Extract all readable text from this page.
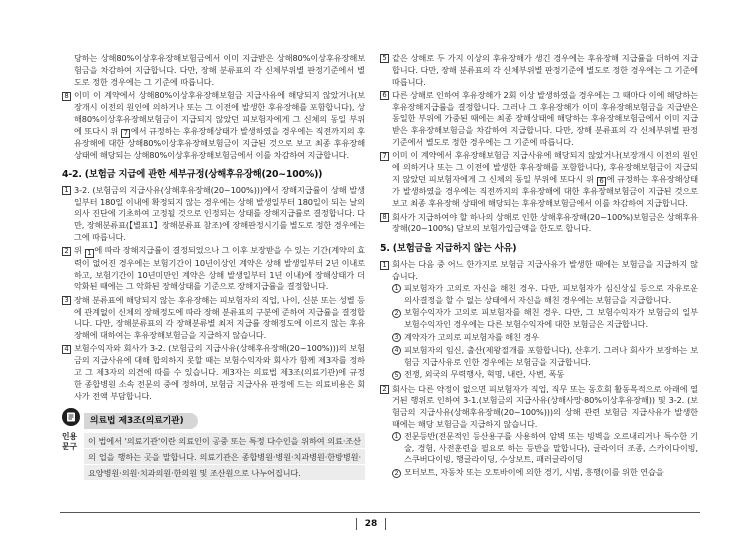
당하는 상해80%이상후유장해보험금에서 이미 지급받은 상해80%이상후유장해보험금을 차감하여 지급합니다. 다만, 장해 분류표의 각 신체부위별 판정기준에서 별도로 정한 경우에는 그 기준에 따릅니다.
8 이미 이 계약에서 상해80%이상후유장해보험금 지급사유에 해당되지 않았거나(보장개시 이전의 원인에 의하거나 또는 그 이전에 발생한 후유장해를 포함합니다), 상해80%이상후유장해보험금이 지급되지 않았던 피보험자에게 그 신체의 동일 부위에 또다시 위 7 에서 규정하는 후유장해상태가 발생하였을 경우에는 직전까지의 후유장해에 대한 상해80%이상후유장해보험금이 지급된 것으로 보고 최종 후유장해 상태에 해당되는 상해80%이상후유장해보험금에서 이를 차감하여 지급합니다.
4-2. (보험금 지급에 관한 세부규정(상해후유장해(20~100%))
1 3-2. (보험금의 지급사유(상해후유장해(20~100%)))에서 장해지급률이 상해 발생일부터 180일 이내에 확정되지 않는 경우에는 상해 발생일부터 180일이 되는 날의 의사 진단에 기초하여 고정될 것으로 인정되는 상태를 장해지급률로 결정합니다. 다만, 장해분류표(【별표1】장해분류표 참조)에 장해판정시기를 별도로 정한 경우에는 그에 따릅니다.
2 위 1 에 따라 장해지급률이 결정되었으나 그 이후 보장받을 수 있는 기간(계약의 효력이 없어진 경우에는 보험기간이 10년이상인 계약은 상해 발생일부터 2년 이내로 하고, 보험기간이 10년미만인 계약은 상해 발생일부터 1년 이내)에 장해상태가 더 악화된 때에는 그 악화된 장해상태를 기준으로 장해지급률을 결정합니다.
3 장해 분류표에 해당되지 않는 후유장해는 피보험자의 직업, 나이, 신분 또는 성별 등에 관계없이 신체의 장해정도에 따라 장해 분류표의 구분에 준하여 지급률을 결정합니다. 다만, 장해분류표의 각 장해분류별 최저 지급률 장해정도에 이르지 않는 후유장해에 대하여는 후유장해보험금을 지급하지 않습니다.
4 보험수익자와 회사가 3-2. (보험금의 지급사유(상해후유장해(20~100%)))의 보험금의 지급사유에 대해 합의하지 못할 때는 보험수익자와 회사가 함께 제3자를 정하고 그 제3자의 의견에 따를 수 있습니다. 제3자는 의료법 제3조(의료기관)에 규정한 종합병원 소속 전문의 중에 정하며, 보험금 지급사유 판정에 드는 의료비용은 회사가 전액 부담합니다.
인용
문구
의료법 제3조(의료기관)
이 법에서 '의료기관'이란 의료인이 공중 또는 특정 다수인을 위하여 의료·조산의 업을 행하는 곳을 말합니다. 의료기관은 종합병원·병원·치과병원·한방병원·요양병원·의원·치과의원·한의원 및 조산원으로 나누어집니다.
5 같은 상해로 두 가지 이상의 후유장해가 생긴 경우에는 후유장해 지급률을 더하여 지급합니다. 다만, 장해 분류표의 각 신체부위별 판정기준에 별도로 정한 경우에는 그 기준에 따릅니다.
6 다른 상해로 인하여 후유장해가 2회 이상 발생하였을 경우에는 그 때마다 이에 해당하는 후유장해지급률을 결정합니다. 그러나 그 후유장해가 이미 후유장해보험금을 지급받은 동일한 부위에 가중된 때에는 최종 장해상태에 해당하는 후유장해보험금에서 이미 지급받은 후유장해보험금을 차감하여 지급합니다. 다만, 장해 분류표의 각 신체부위별 판정기준에서 별도로 정한 경우에는 그 기준에 따릅니다.
7 이미 이 계약에서 후유장해보험금 지급사유에 해당되지 않았거나(보장개시 이전의 원인에 의하거나 또는 그 이전에 발생한 후유장해를 포함합니다), 후유장해보험금이 지급되지 않았던 피보험자에게 그 신체의 동일 부위에 또다시 위 6 에 규정하는 후유장해상태가 발생하였을 경우에는 직전까지의 후유장해에 대한 후유장해보험금이 지급된 것으로 보고 최종 후유장해 상태에 해당되는 후유장해보험금에서 이를 차감하여 지급합니다.
8 회사가 지급하여야 할 하나의 상해로 인한 상해후유장해(20~100%)보험금은 상해후유장해(20~100%) 담보의 보험가입금액을 한도로 합니다.
5. (보험금을 지급하지 않는 사유)
1 회사는 다음 중 어느 한가지로 보험금 지급사유가 발생한 때에는 보험금을 지급하지 않습니다.
1 피보험자가 고의로 자신을 해친 경우. 다만, 피보험자가 심신상실 등으로 자유로운 의사결정을 할 수 없는 상태에서 자신을 해친 경우에는 보험금을 지급합니다.
2 보험수익자가 고의로 피보험자를 해친 경우. 다만, 그 보험수익자가 보험금의 일부 보험수익자인 경우에는 다른 보험수익자에 대한 보험금은 지급합니다.
3 계약자가 고의로 피보험자를 해친 경우
4 피보험자의 임신, 출산(제왕절개를 포함합니다), 산후기. 그러나 회사가 보장하는 보험금 지급사유로 인한 경우에는 보험금을 지급합니다.
5 전쟁, 외국의 무력행사, 혁명, 내란, 사변, 폭동
2 회사는 다른 약정이 없으면 피보험자가 직업, 직무 또는 동호회 활동목적으로 아래에 열거된 행위로 인하여 3-1.(보험금의 지급사유(상해사망·80%이상후유장해)) 및 3-2. (보험금의 지급사유(상해후유장해(20~100%)))의 상해 관련 보험금 지급사유가 발생한 때에는 해당 보험금을 지급하지 않습니다.
1 전문등반(전문적인 등산용구를 사용하여 암벽 또는 빙벽을 오르내리거나 특수한 기술, 경험, 사전훈련을 필요로 하는 등반을 말합니다), 글라이더 조종, 스카이다이빙, 스쿠버다이빙, 행글라이딩, 수상보트, 패러글라이딩
2 모터보트, 자동차 또는 오토바이에 의한 경기, 시범, 흥행(이를 위한 연습을
28
